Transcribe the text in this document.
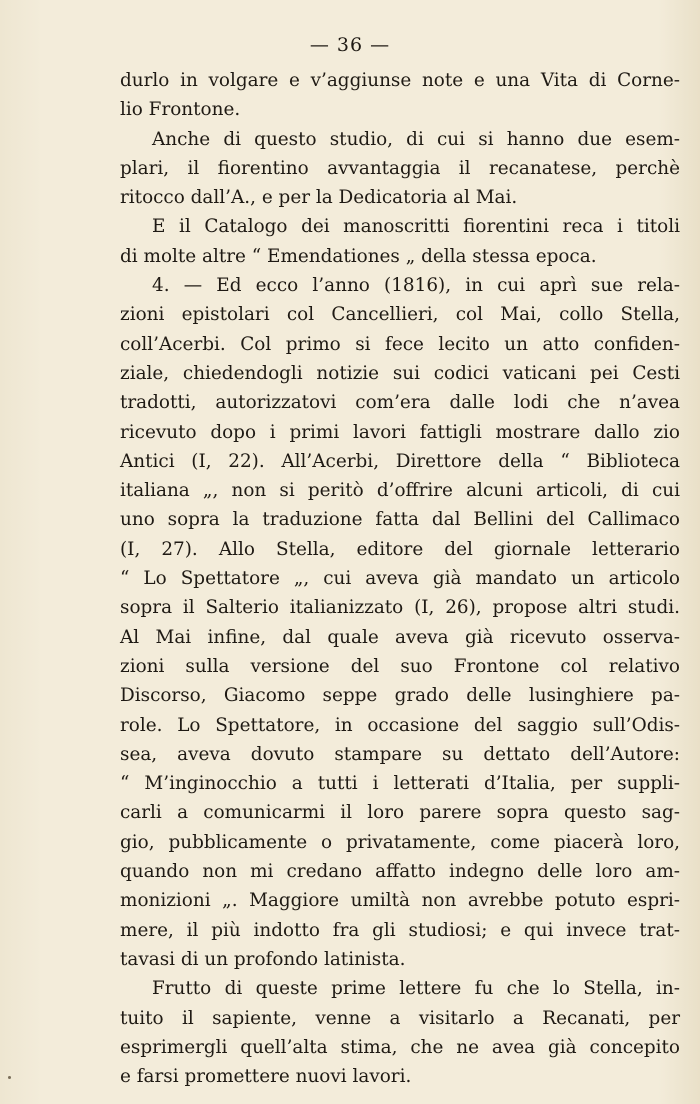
— 36 —
durlo in volgare e v’aggiunse note e una Vita di Corne-
lio Frontone.
Anche di questo studio, di cui si hanno due esem-
plari, il fiorentino avvantaggia il recanatese, perchè
ritocco dall’A., e per la Dedicatoria al Mai.
E il Catalogo dei manoscritti fiorentini reca i titoli
di molte altre “ Emendationes „ della stessa epoca.
4. — Ed ecco l’anno (1816), in cui aprì sue rela-
zioni epistolari col Cancellieri, col Mai, collo Stella,
coll’Acerbi. Col primo si fece lecito un atto confiden-
ziale, chiedendogli notizie sui codici vaticani pei Cesti
tradotti, autorizzatovi com’era dalle lodi che n’avea
ricevuto dopo i primi lavori fattigli mostrare dallo zio
Antici (I, 22). All’Acerbi, Direttore della “ Biblioteca
italiana „, non si peritò d’offrire alcuni articoli, di cui
uno sopra la traduzione fatta dal Bellini del Callimaco
(I, 27). Allo Stella, editore del giornale letterario
“ Lo Spettatore „, cui aveva già mandato un articolo
sopra il Salterio italianizzato (I, 26), propose altri studi.
Al Mai infine, dal quale aveva già ricevuto osserva-
zioni sulla versione del suo Frontone col relativo
Discorso, Giacomo seppe grado delle lusinghiere pa-
role. Lo Spettatore, in occasione del saggio sull’Odis-
sea, aveva dovuto stampare su dettato dell’Autore:
“ M’inginocchio a tutti i letterati d’Italia, per suppli-
carli a comunicarmi il loro parere sopra questo sag-
gio, pubblicamente o privatamente, come piacerà loro,
quando non mi credano affatto indegno delle loro am-
monizioni „. Maggiore umiltà non avrebbe potuto espri-
mere, il più indotto fra gli studiosi; e qui invece trat-
tavasi di un profondo latinista.
Frutto di queste prime lettere fu che lo Stella, in-
tuito il sapiente, venne a visitarlo a Recanati, per
esprimergli quell’alta stima, che ne avea già concepito
e farsi promettere nuovi lavori.
